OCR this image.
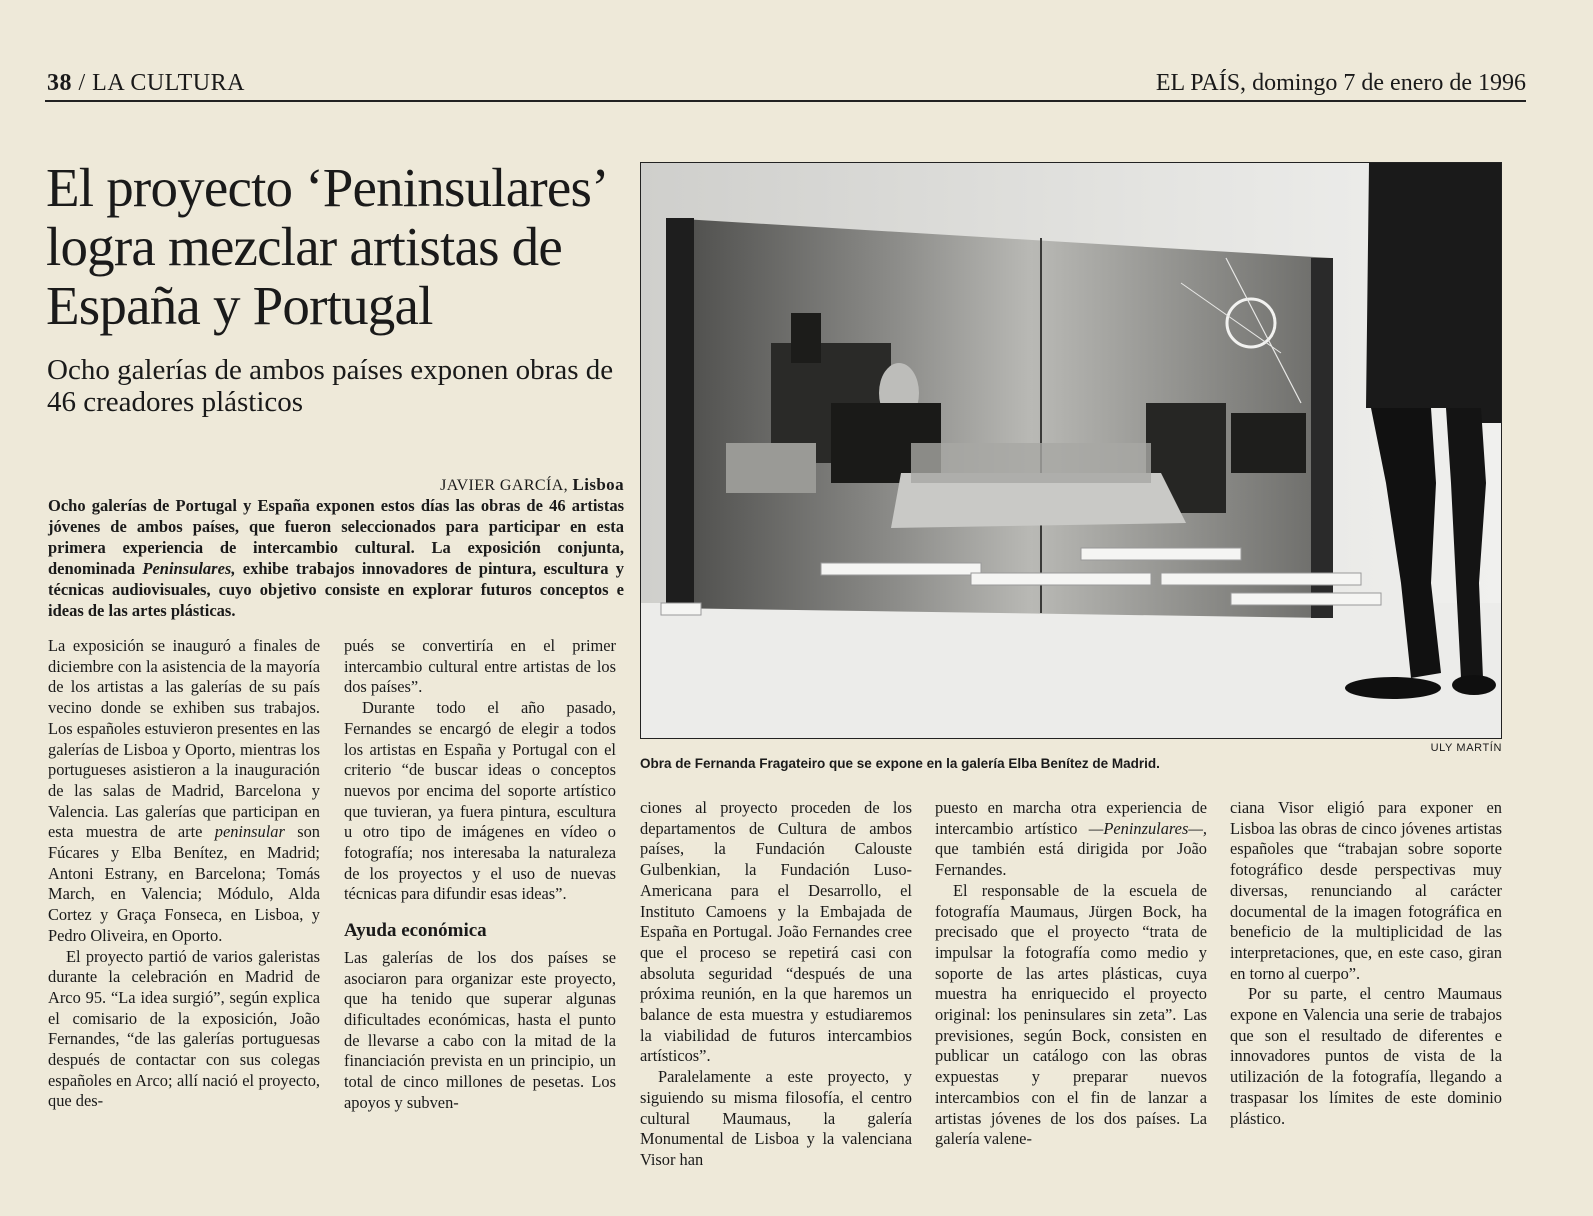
38 / LA CULTURA	EL PAÍS, domingo 7 de enero de 1996
El proyecto ‘Peninsulares’ logra mezclar artistas de España y Portugal
Ocho galerías de ambos países exponen obras de 46 creadores plásticos
JAVIER GARCÍA, Lisboa
Ocho galerías de Portugal y España exponen estos días las obras de 46 artistas jóvenes de ambos países, que fueron seleccionados para participar en esta primera experiencia de intercambio cultural. La exposición conjunta, denominada Peninsulares, exhibe trabajos innovadores de pintura, escultura y técnicas audiovisuales, cuyo objetivo consiste en explorar futuros conceptos e ideas de las artes plásticas.

La exposición se inauguró a finales de diciembre con la asistencia de la mayoría de los artistas a las galerías de su país vecino donde se exhiben sus trabajos. Los españoles estuvieron presentes en las galerías de Lisboa y Oporto, mientras los portugueses asistieron a la inauguración de las salas de Madrid, Barcelona y Valencia. Las galerías que participan en esta muestra de arte peninsular son Fúcares y Elba Benítez, en Madrid; Antoni Estrany, en Barcelona; Tomás March, en Valencia; Módulo, Alda Cortez y Graça Fonseca, en Lisboa, y Pedro Oliveira, en Oporto.

El proyecto partió de varios galeristas durante la celebración en Madrid de Arco 95. “La idea surgió”, según explica el comisario de la exposición, João Fernandes, “de las galerías portuguesas después de contactar con sus colegas españoles en Arco; allí nació el proyecto, que des-

pués se convertiría en el primer intercambio cultural entre artistas de los dos países”.

Durante todo el año pasado, Fernandes se encargó de elegir a todos los artistas en España y Portugal con el criterio “de buscar ideas o conceptos nuevos por encima del soporte artístico que tuvieran, ya fuera pintura, escultura u otro tipo de imágenes en vídeo o fotografía; nos interesaba la naturaleza de los proyectos y el uso de nuevas técnicas para difundir esas ideas”.

Ayuda económica

Las galerías de los dos países se asociaron para organizar este proyecto, que ha tenido que superar algunas dificultades económicas, hasta el punto de llevarse a cabo con la mitad de la financiación prevista en un principio, un total de cinco millones de pesetas. Los apoyos y subven-

ULY MARTÍN
Obra de Fernanda Fragateiro que se expone en la galería Elba Benítez de Madrid.

ciones al proyecto proceden de los departamentos de Cultura de ambos países, la Fundación Calouste Gulbenkian, la Fundación Luso-Americana para el Desarrollo, el Instituto Camoens y la Embajada de España en Portugal. João Fernandes cree que el proceso se repetirá casi con absoluta seguridad “después de una próxima reunión, en la que haremos un balance de esta muestra y estudiaremos la viabilidad de futuros intercambios artísticos”.

Paralelamente a este proyecto, y siguiendo su misma filosofía, el centro cultural Maumaus, la galería Monumental de Lisboa y la valenciana Visor han

puesto en marcha otra experiencia de intercambio artístico —Peninzulares—, que también está dirigida por João Fernandes.

El responsable de la escuela de fotografía Maumaus, Jürgen Bock, ha precisado que el proyecto “trata de impulsar la fotografía como medio y soporte de las artes plásticas, cuya muestra ha enriquecido el proyecto original: los peninsulares sin zeta”. Las previsiones, según Bock, consisten en publicar un catálogo con las obras expuestas y preparar nuevos intercambios con el fin de lanzar a artistas jóvenes de los dos países. La galería valene-

ciana Visor eligió para exponer en Lisboa las obras de cinco jóvenes artistas españoles que “trabajan sobre soporte fotográfico desde perspectivas muy diversas, renunciando al carácter documental de la imagen fotográfica en beneficio de la multiplicidad de las interpretaciones, que, en este caso, giran en torno al cuerpo”.

Por su parte, el centro Maumaus expone en Valencia una serie de trabajos que son el resultado de diferentes e innovadores puntos de vista de la utilización de la fotografía, llegando a traspasar los límites de este dominio plástico.
